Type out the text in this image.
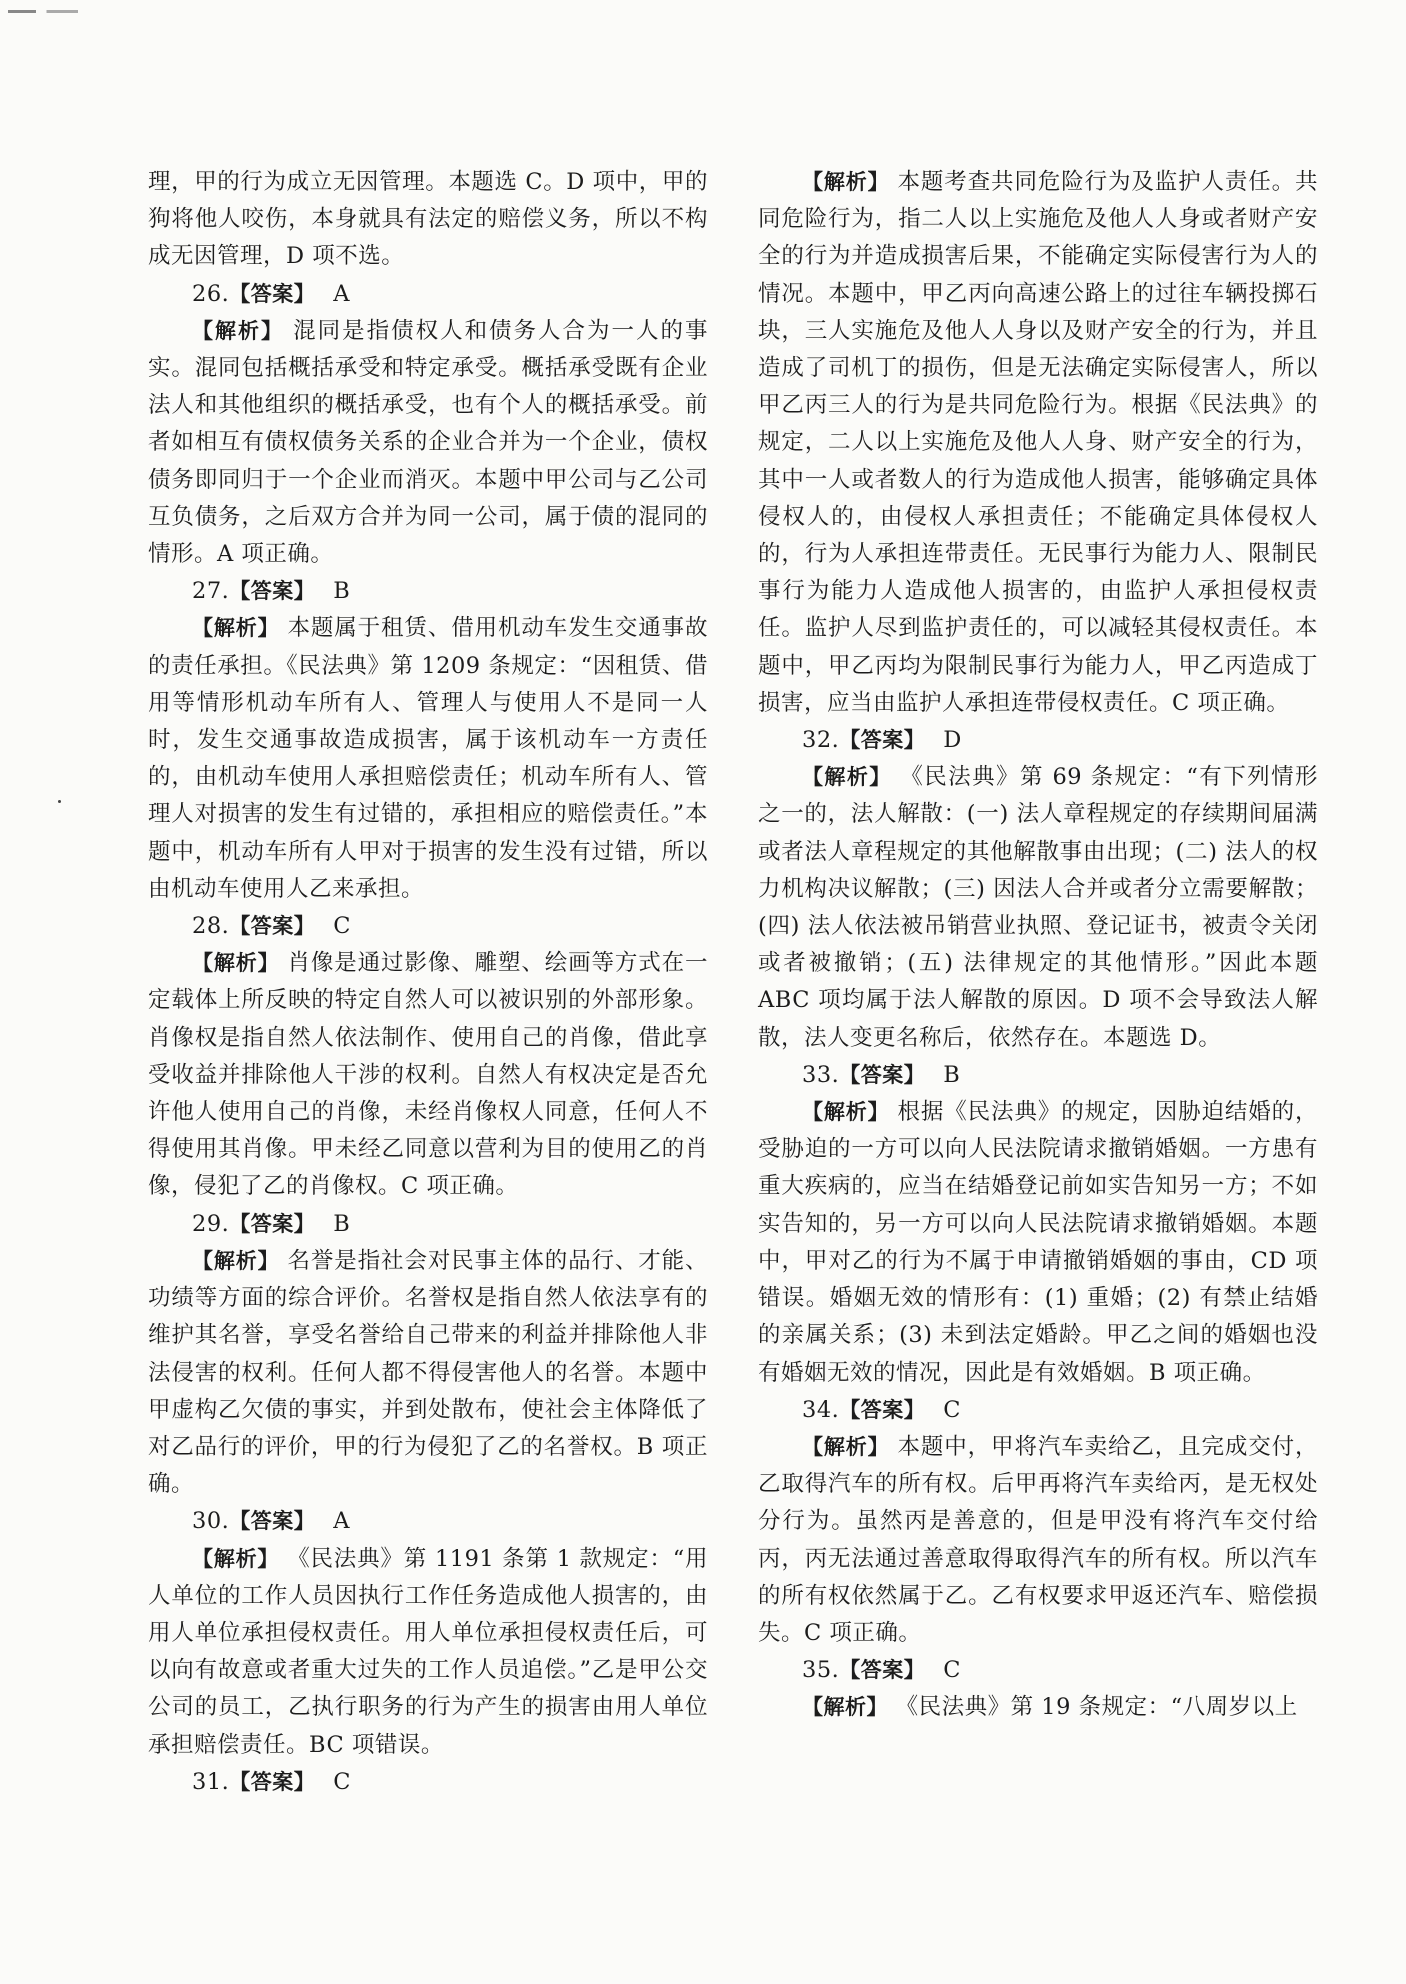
理，甲的行为成立无因管理。本题选 C。D 项中，甲的狗将他人咬伤，本身就具有法定的赔偿义务，所以不构成无因管理，D 项不选。

26.【答案】 A

【解析】 混同是指债权人和债务人合为一人的事实。混同包括概括承受和特定承受。概括承受既有企业法人和其他组织的概括承受，也有个人的概括承受。前者如相互有债权债务关系的企业合并为一个企业，债权债务即同归于一个企业而消灭。本题中甲公司与乙公司互负债务，之后双方合并为同一公司，属于债的混同的情形。A 项正确。

27.【答案】 B

【解析】 本题属于租赁、借用机动车发生交通事故的责任承担。《民法典》第 1209 条规定：“因租赁、借用等情形机动车所有人、管理人与使用人不是同一人时，发生交通事故造成损害，属于该机动车一方责任的，由机动车使用人承担赔偿责任；机动车所有人、管理人对损害的发生有过错的，承担相应的赔偿责任。”本题中，机动车所有人甲对于损害的发生没有过错，所以由机动车使用人乙来承担。

28.【答案】 C

【解析】 肖像是通过影像、雕塑、绘画等方式在一定载体上所反映的特定自然人可以被识别的外部形象。肖像权是指自然人依法制作、使用自己的肖像，借此享受收益并排除他人干涉的权利。自然人有权决定是否允许他人使用自己的肖像，未经肖像权人同意，任何人不得使用其肖像。甲未经乙同意以营利为目的使用乙的肖像，侵犯了乙的肖像权。C 项正确。

29.【答案】 B

【解析】 名誉是指社会对民事主体的品行、才能、功绩等方面的综合评价。名誉权是指自然人依法享有的维护其名誉，享受名誉给自己带来的利益并排除他人非法侵害的权利。任何人都不得侵害他人的名誉。本题中甲虚构乙欠债的事实，并到处散布，使社会主体降低了对乙品行的评价，甲的行为侵犯了乙的名誉权。B 项正确。

30.【答案】 A

【解析】 《民法典》第 1191 条第 1 款规定：“用人单位的工作人员因执行工作任务造成他人损害的，由用人单位承担侵权责任。用人单位承担侵权责任后，可以向有故意或者重大过失的工作人员追偿。”乙是甲公交公司的员工，乙执行职务的行为产生的损害由用人单位承担赔偿责任。BC 项错误。

31.【答案】 C

【解析】 本题考查共同危险行为及监护人责任。共同危险行为，指二人以上实施危及他人人身或者财产安全的行为并造成损害后果，不能确定实际侵害行为人的情况。本题中，甲乙丙向高速公路上的过往车辆投掷石块，三人实施危及他人人身以及财产安全的行为，并且造成了司机丁的损伤，但是无法确定实际侵害人，所以甲乙丙三人的行为是共同危险行为。根据《民法典》的规定，二人以上实施危及他人人身、财产安全的行为，其中一人或者数人的行为造成他人损害，能够确定具体侵权人的，由侵权人承担责任；不能确定具体侵权人的，行为人承担连带责任。无民事行为能力人、限制民事行为能力人造成他人损害的，由监护人承担侵权责任。监护人尽到监护责任的，可以减轻其侵权责任。本题中，甲乙丙均为限制民事行为能力人，甲乙丙造成丁损害，应当由监护人承担连带侵权责任。C 项正确。

32.【答案】 D

【解析】 《民法典》第 69 条规定：“有下列情形之一的，法人解散：(一) 法人章程规定的存续期间届满或者法人章程规定的其他解散事由出现；(二) 法人的权力机构决议解散；(三) 因法人合并或者分立需要解散；(四) 法人依法被吊销营业执照、登记证书，被责令关闭或者被撤销；(五) 法律规定的其他情形。”因此本题 ABC 项均属于法人解散的原因。D 项不会导致法人解散，法人变更名称后，依然存在。本题选 D。

33.【答案】 B

【解析】 根据《民法典》的规定，因胁迫结婚的，受胁迫的一方可以向人民法院请求撤销婚姻。一方患有重大疾病的，应当在结婚登记前如实告知另一方；不如实告知的，另一方可以向人民法院请求撤销婚姻。本题中，甲对乙的行为不属于申请撤销婚姻的事由，CD 项错误。婚姻无效的情形有：(1) 重婚；(2) 有禁止结婚的亲属关系；(3) 未到法定婚龄。甲乙之间的婚姻也没有婚姻无效的情况，因此是有效婚姻。B 项正确。

34.【答案】 C

【解析】 本题中，甲将汽车卖给乙，且完成交付，乙取得汽车的所有权。后甲再将汽车卖给丙，是无权处分行为。虽然丙是善意的，但是甲没有将汽车交付给丙，丙无法通过善意取得取得汽车的所有权。所以汽车的所有权依然属于乙。乙有权要求甲返还汽车、赔偿损失。C 项正确。

35.【答案】 C

【解析】 《民法典》第 19 条规定：“八周岁以上
